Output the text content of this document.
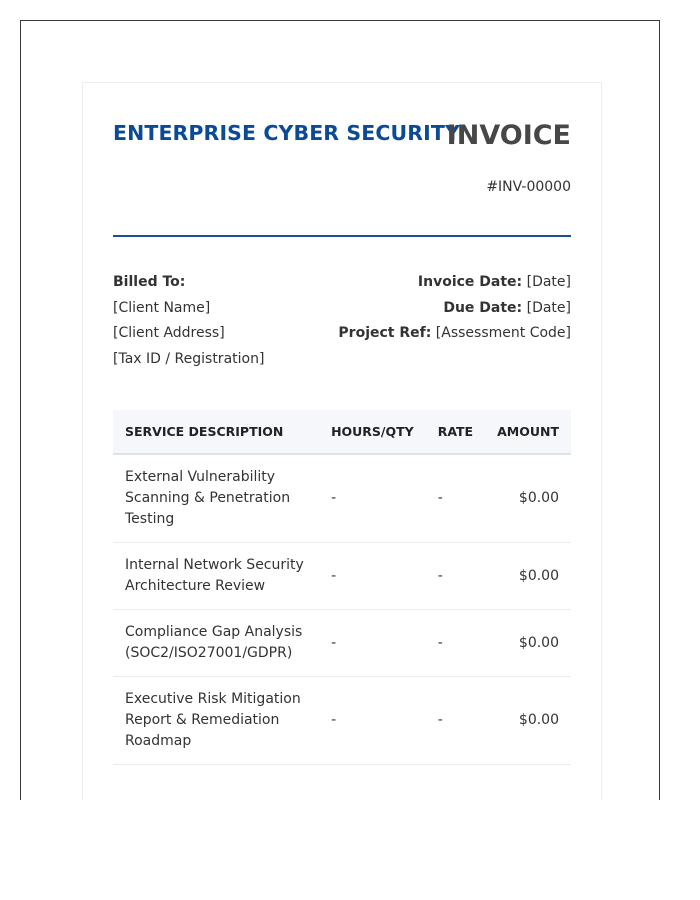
ENTERPRISE CYBER SECURITY
INVOICE
#INV-00000
Billed To:
[Client Name]
[Client Address]
[Tax ID / Registration]
Invoice Date: [Date]
Due Date: [Date]
Project Ref: [Assessment Code]
SERVICE DESCRIPTION	HOURS/QTY	RATE	AMOUNT
External Vulnerability Scanning & Penetration Testing	-	-	$0.00
Internal Network Security Architecture Review	-	-	$0.00
Compliance Gap Analysis (SOC2/ISO27001/GDPR)	-	-	$0.00
Executive Risk Mitigation Report & Remediation Roadmap	-	-	$0.00
